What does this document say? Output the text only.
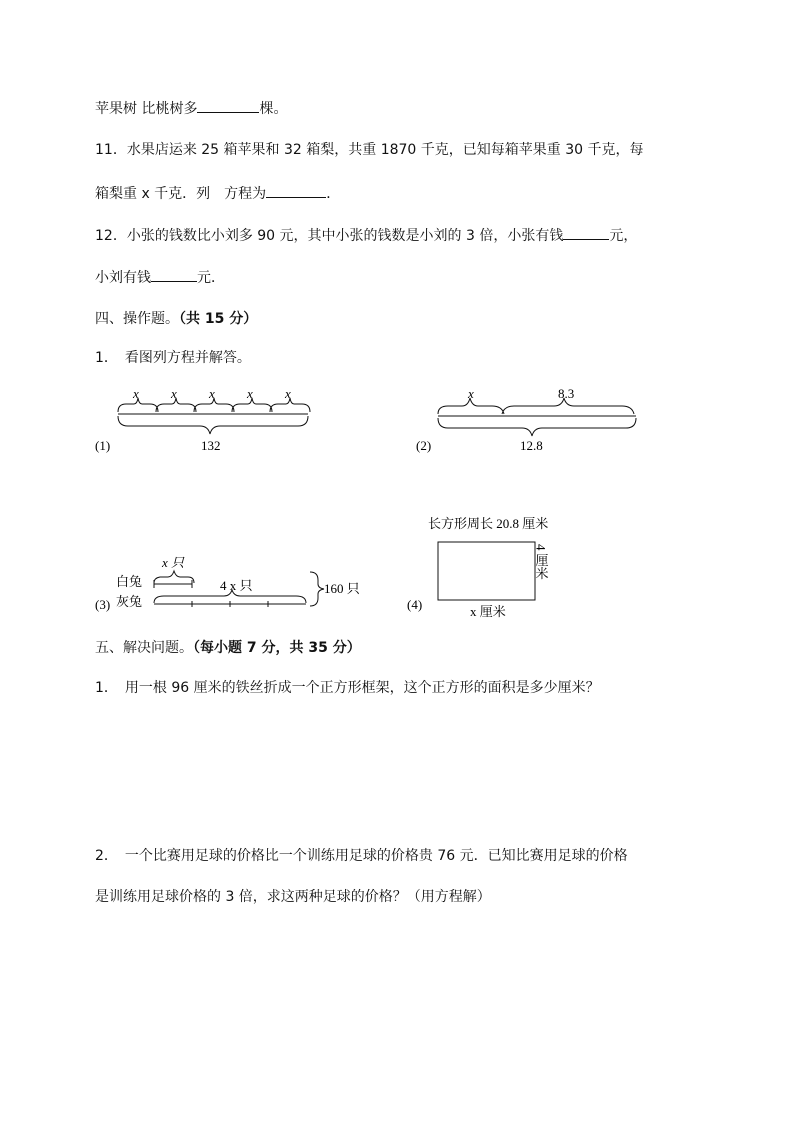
苹果树 比桃树多	棵。
11．水果店运来 25 箱苹果和 32 箱梨，共重 1870 千克，已知每箱苹果重 30 千克，每
箱梨重 x 千克．列　方程为	．
12．小张的钱数比小刘多 90 元，其中小张的钱数是小刘的 3 倍，小张有钱	元，
小刘有钱	元．
四、操作题。（共 15 分）
1．　看图列方程并解答。
x x x x x
132
(1)
x	8.3
12.8
(2)
x 只
白兔	4 x 只
灰兔
160 只
(3)
长方形周长 20.8 厘米
4 厘米
x 厘米
(4)
五、解决问题。（每小题 7 分，共 35 分）
1．　用一根 96 厘米的铁丝折成一个正方形框架，这个正方形的面积是多少厘米？
2．　一个比赛用足球的价格比一个训练用足球的价格贵 76 元．已知比赛用足球的价格
是训练用足球价格的 3 倍，求这两种足球的价格？（用方程解）
